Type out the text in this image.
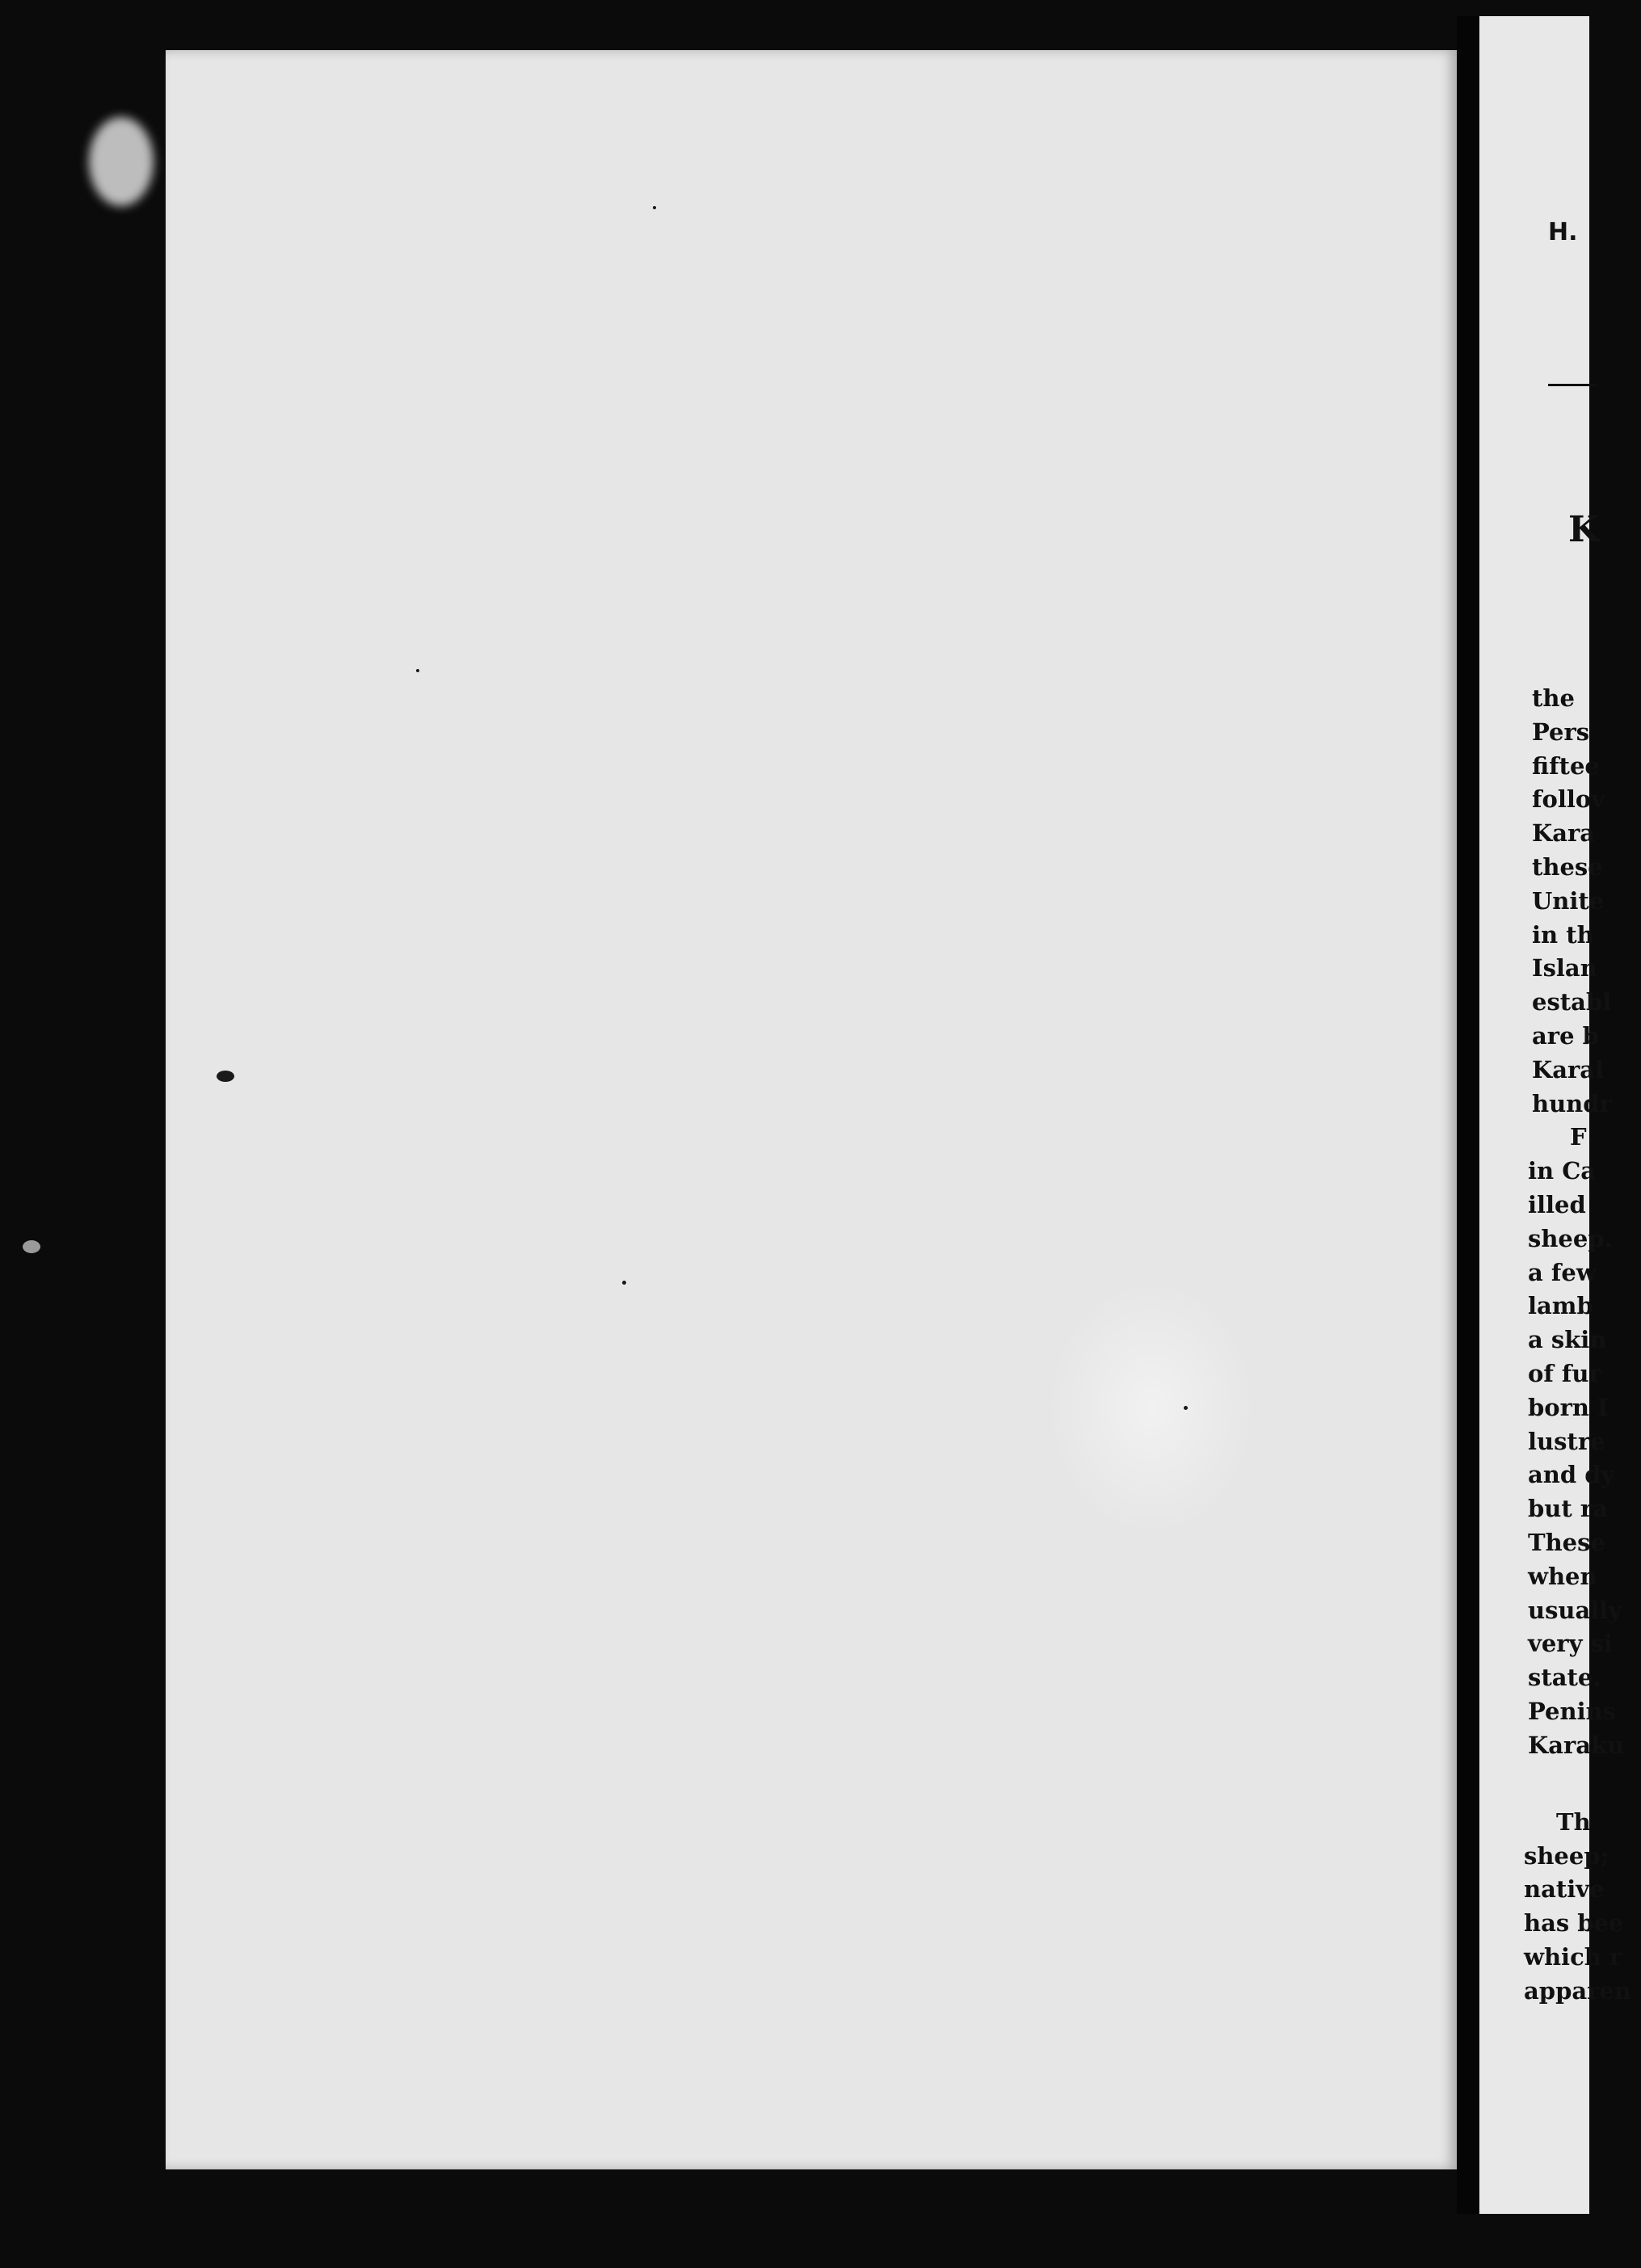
H.
K
the
Pers
fiftee
follov
Kara
these
Unite
in th
Islan
establ
are b
Karal
hundr
F
in Ca
illed
sheep.
a few
lamb
a skin
of fur
born I
lustre
and dy
but ra
These
when
usually
very si
state.
Penins
Karaku
Th
sheep;
native
has bee
which r
apparen
